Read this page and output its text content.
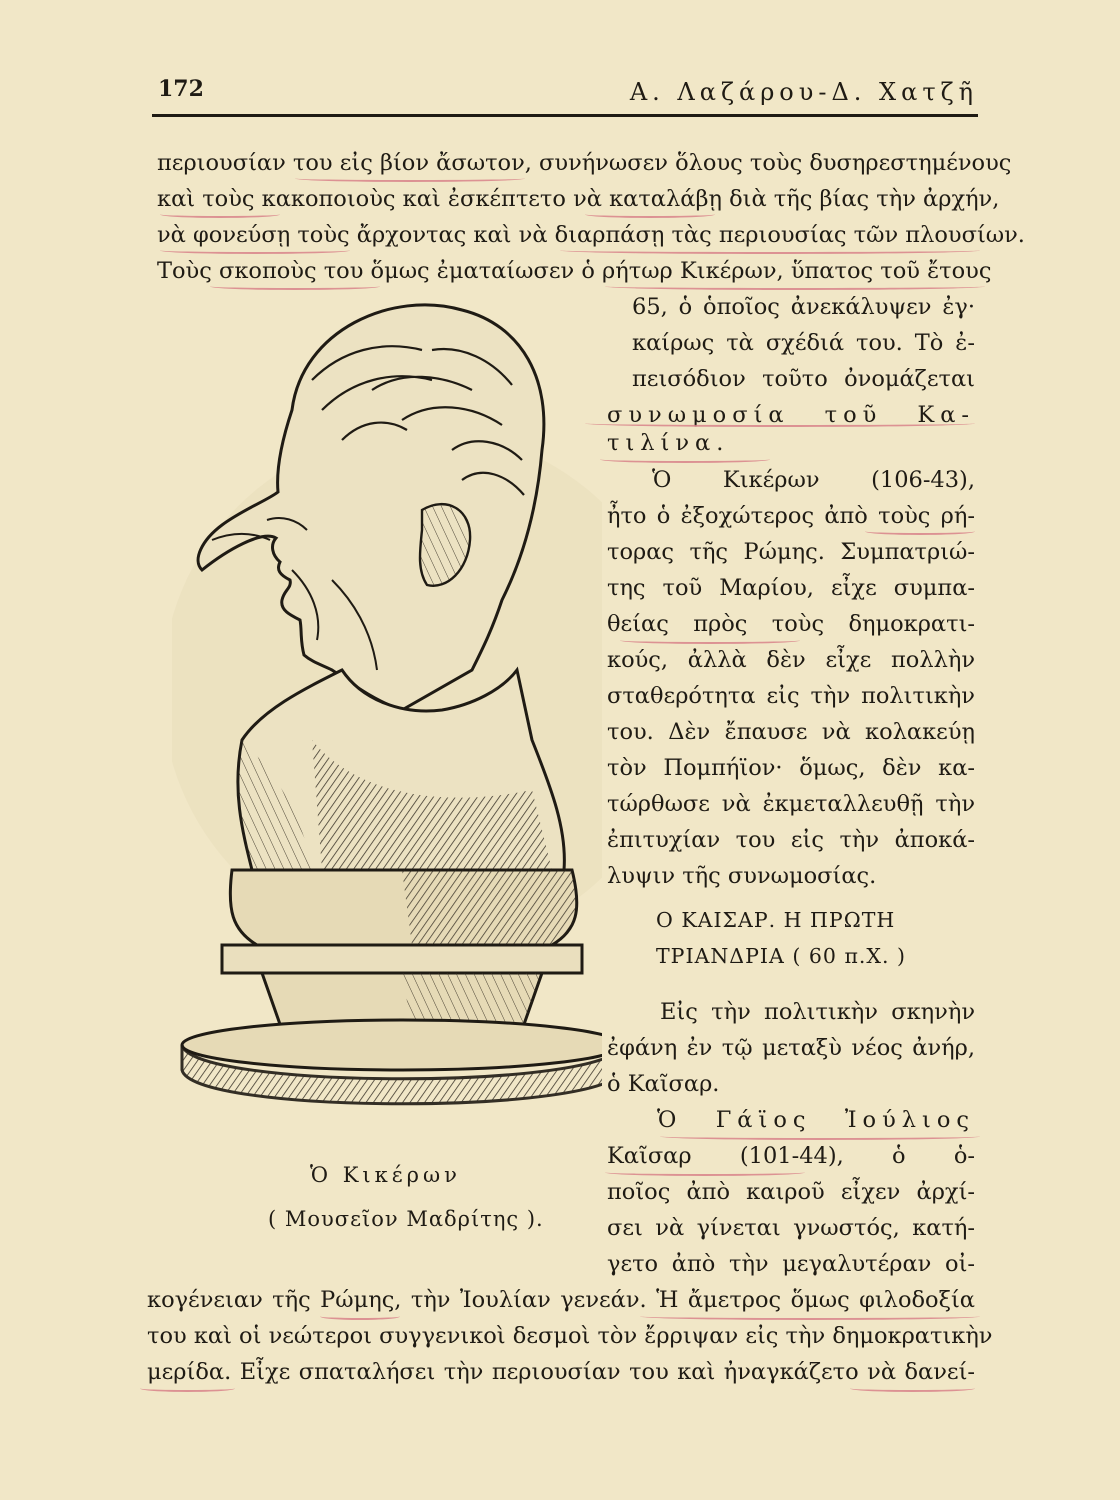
172	Α. Λαζάρου-Δ. Χατζῆ
περιουσίαν του εἰς βίον ἄσωτον, συνήνωσεν ὅλους τοὺς δυσηρεστημένους
καὶ τοὺς κακοποιοὺς καὶ ἐσκέπτετο νὰ καταλάβῃ διὰ τῆς βίας τὴν ἀρχήν,
νὰ φονεύσῃ τοὺς ἄρχοντας καὶ νὰ διαρπάσῃ τὰς περιουσίας τῶν πλουσίων.
Τοὺς σκοποὺς του ὅμως ἐματαίωσεν ὁ ρήτωρ Κικέρων, ὕπατος τοῦ ἔτους
65, ὁ ὁποῖος ἀνεκάλυψεν ἐγ·
καίρως τὰ σχέδιά του. Τὸ ἐ-
πεισόδιον τοῦτο ὀνομάζεται
συνωμοσία τοῦ Κα-
τιλίνα.
Ὁ Κικέρων (106-43),
ἦτο ὁ ἐξοχώτερος ἀπὸ τοὺς ρή-
τορας τῆς Ρώμης. Συμπατριώ-
της τοῦ Μαρίου, εἶχε συμπα-
θείας πρὸς τοὺς δημοκρατι-
κούς, ἀλλὰ δὲν εἶχε πολλὴν
σταθερότητα εἰς τὴν πολιτικὴν
του. Δὲν ἔπαυσε νὰ κολακεύῃ
τὸν Πομπήϊον· ὅμως, δὲν κα-
τώρθωσε νὰ ἐκμεταλλευθῇ τὴν
ἐπιτυχίαν του εἰς τὴν ἀποκά-
λυψιν τῆς συνωμοσίας.
Ο ΚΑΙΣΑΡ. Η ΠΡΩΤΗ
ΤΡΙΑΝΔΡΙΑ ( 60 π.Χ. )
Εἰς τὴν πολιτικὴν σκηνὴν
ἐφάνη ἐν τῷ μεταξὺ νέος ἀνήρ,
ὁ Καῖσαρ.
Ὁ Γάϊος Ἰούλιος
Καῖσαρ (101-44), ὁ ὁ-
ποῖος ἀπὸ καιροῦ εἶχεν ἀρχί-
σει νὰ γίνεται γνωστός, κατή-
γετο ἀπὸ τὴν μεγαλυτέραν οἰ-
κογένειαν τῆς Ρώμης, τὴν Ἰουλίαν γενεάν. Ἡ ἄμετρος ὅμως φιλοδοξία
του καὶ οἱ νεώτεροι συγγενικοὶ δεσμοὶ τὸν ἔρριψαν εἰς τὴν δημοκρατικὴν
μερίδα. Εἶχε σπαταλήσει τὴν περιουσίαν του καὶ ἠναγκάζετο νὰ δανεί-
Ὁ Κικέρων
( Μουσεῖον Μαδρίτης ).
